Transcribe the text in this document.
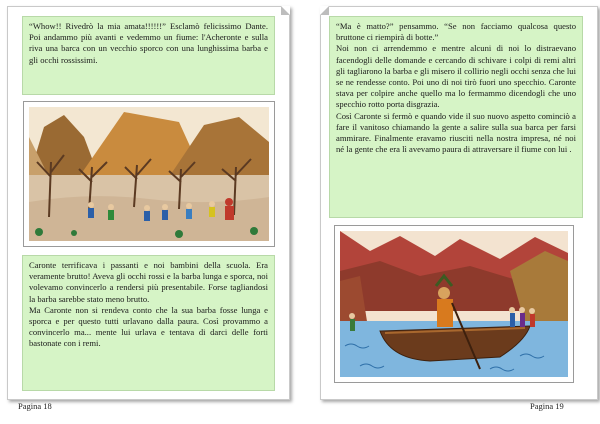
“Whow!! Rivedrò la mia amata!!!!!!” Esclamò felicissimo Dante. Poi andammo più avanti e vedemmo un fiume: l'Acheronte e sulla riva una barca con un vecchio sporco con una lunghissima barba e gli occhi rossissimi.

Caronte terrificava i passanti e noi bambini della scuola. Era veramente brutto! Aveva gli occhi rossi e la barba lunga e sporca, noi volevamo convincerlo a rendersi più presentabile. Forse tagliandosi la barba sarebbe stato meno brutto.

Ma Caronte non si rendeva conto che la sua barba fosse lunga e sporca e per questo tutti urlavano dalla paura. Così provammo a convincerlo ma... mente lui urlava e tentava di darci delle forti bastonate con i remi.

Pagina 18

“Ma è matto?” pensammo. “Se non facciamo qualcosa questo bruttone ci riempirà di botte.”

Noi non ci arrendemmo e mentre alcuni di noi lo distraevano facendogli delle domande e cercando di schivare i colpi di remi altri gli tagliarono la barba e gli misero il collirio negli occhi senza che lui se ne rendesse conto. Poi uno di noi tirò fuori uno specchio. Caronte stava per colpire anche quello ma lo fermammo dicendogli che uno specchio rotto porta disgrazia.

Così Caronte si fermò e quando vide il suo nuovo aspetto cominciò a fare il vanitoso chiamando la gente a salire sulla sua barca per farsi ammirare. Finalmente eravamo riusciti nella nostra impresa, né noi né la gente che era lì avevamo paura di attraversare il fiume con lui .

Pagina 19
